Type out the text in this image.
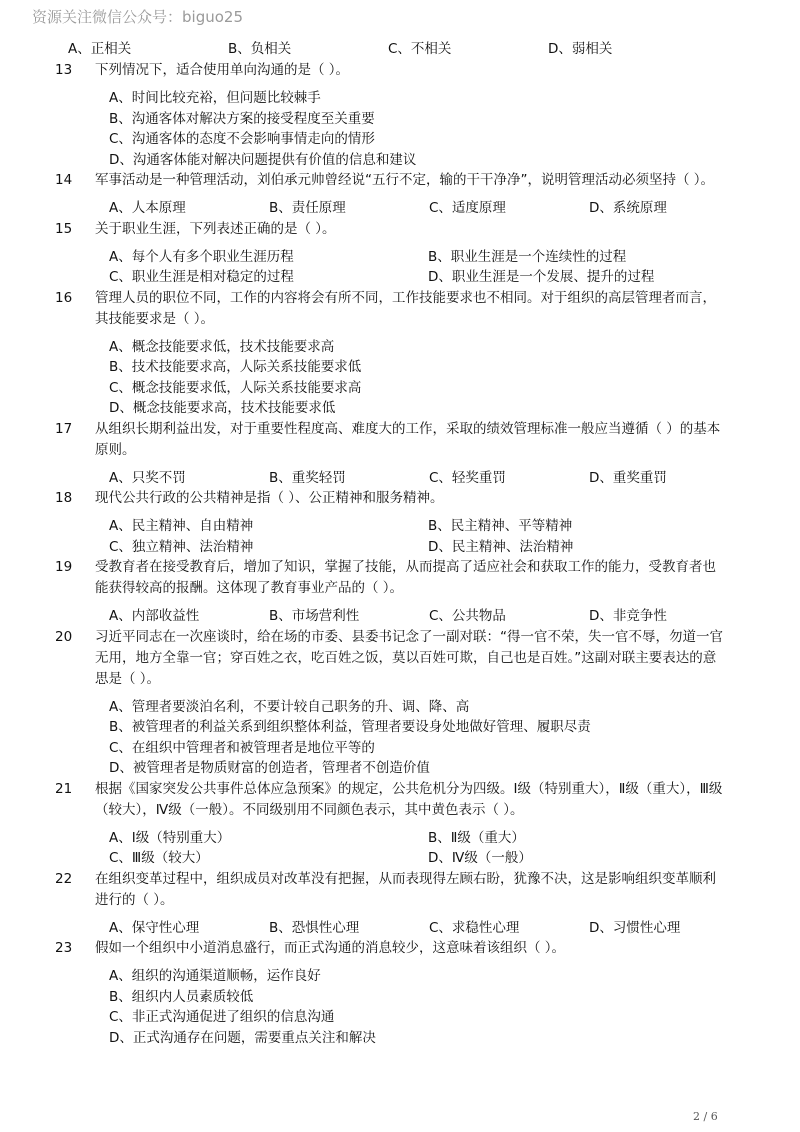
资源关注微信公众号：biguo25
A、正相关	B、负相关	C、不相关	D、弱相关
13 下列情况下，适合使用单向沟通的是（ ）。
A、时间比较充裕，但问题比较棘手
B、沟通客体对解决方案的接受程度至关重要
C、沟通客体的态度不会影响事情走向的情形
D、沟通客体能对解决问题提供有价值的信息和建议
14 军事活动是一种管理活动，刘伯承元帅曾经说“五行不定，输的干干净净”，说明管理活动必须坚持（ ）。
A、人本原理	B、责任原理	C、适度原理	D、系统原理
15 关于职业生涯，下列表述正确的是（ ）。
A、每个人有多个职业生涯历程	B、职业生涯是一个连续性的过程
C、职业生涯是相对稳定的过程	D、职业生涯是一个发展、提升的过程
16 管理人员的职位不同，工作的内容将会有所不同，工作技能要求也不相同。对于组织的高层管理者而言，其技能要求是（ ）。
A、概念技能要求低，技术技能要求高
B、技术技能要求高，人际关系技能要求低
C、概念技能要求低，人际关系技能要求高
D、概念技能要求高，技术技能要求低
17 从组织长期利益出发，对于重要性程度高、难度大的工作，采取的绩效管理标准一般应当遵循（ ）的基本原则。
A、只奖不罚	B、重奖轻罚	C、轻奖重罚	D、重奖重罚
18 现代公共行政的公共精神是指（ ）、公正精神和服务精神。
A、民主精神、自由精神	B、民主精神、平等精神
C、独立精神、法治精神	D、民主精神、法治精神
19 受教育者在接受教育后，增加了知识，掌握了技能，从而提高了适应社会和获取工作的能力，受教育者也能获得较高的报酬。这体现了教育事业产品的（ ）。
A、内部收益性	B、市场营利性	C、公共物品	D、非竞争性
20 习近平同志在一次座谈时，给在场的市委、县委书记念了一副对联：“得一官不荣，失一官不辱，勿道一官无用，地方全靠一官；穿百姓之衣，吃百姓之饭，莫以百姓可欺，自己也是百姓。”这副对联主要表达的意思是（ ）。
A、管理者要淡泊名利，不要计较自己职务的升、调、降、高
B、被管理者的利益关系到组织整体利益，管理者要设身处地做好管理、履职尽责
C、在组织中管理者和被管理者是地位平等的
D、被管理者是物质财富的创造者，管理者不创造价值
21 根据《国家突发公共事件总体应急预案》的规定，公共危机分为四级。Ⅰ级（特别重大），Ⅱ级（重大），Ⅲ级（较大），Ⅳ级（一般）。不同级别用不同颜色表示，其中黄色表示（ ）。
A、Ⅰ级（特别重大）	B、Ⅱ级（重大）
C、Ⅲ级（较大）	D、Ⅳ级（一般）
22 在组织变革过程中，组织成员对改革没有把握，从而表现得左顾右盼，犹豫不决，这是影响组织变革顺利进行的（ ）。
A、保守性心理	B、恐惧性心理	C、求稳性心理	D、习惯性心理
23 假如一个组织中小道消息盛行，而正式沟通的消息较少，这意味着该组织（ ）。
A、组织的沟通渠道顺畅，运作良好
B、组织内人员素质较低
C、非正式沟通促进了组织的信息沟通
D、正式沟通存在问题，需要重点关注和解决
2 / 6
